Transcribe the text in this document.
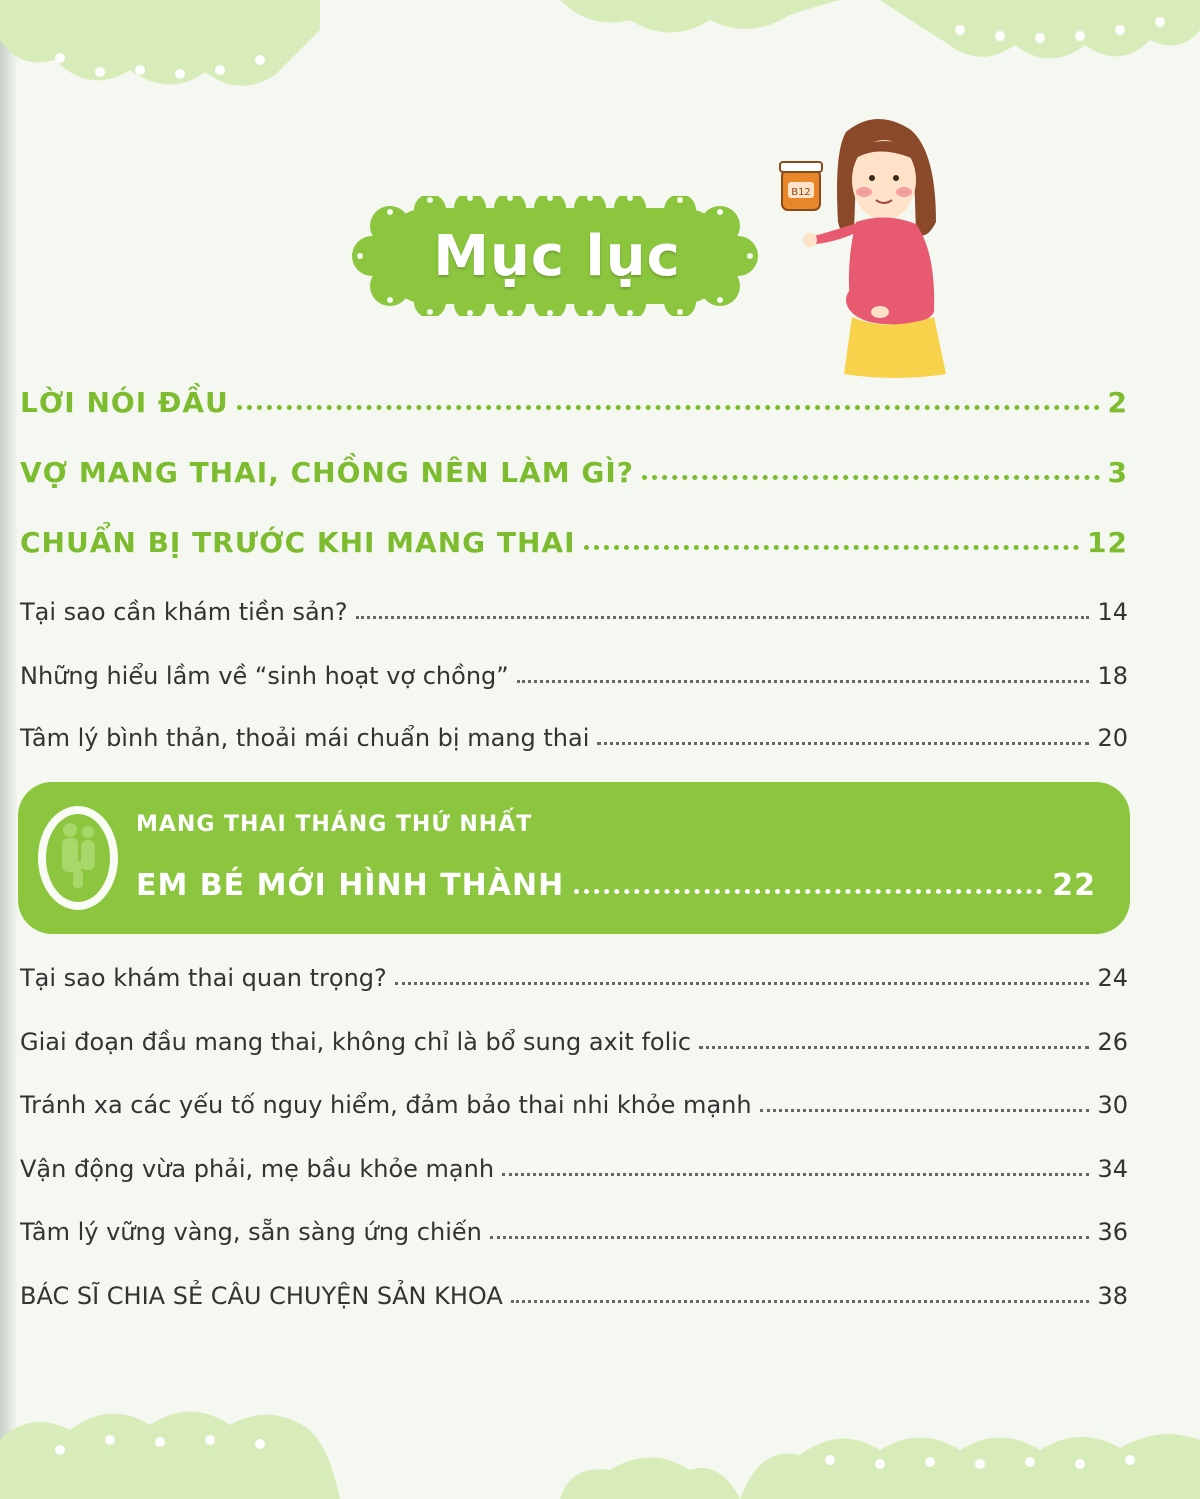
Mục lục
B12
LỜI NÓI ĐẦU	2
VỢ MANG THAI, CHỒNG NÊN LÀM GÌ?	3
CHUẨN BỊ TRƯỚC KHI MANG THAI	12
Tại sao cần khám tiền sản?	14
Những hiểu lầm về “sinh hoạt vợ chồng”	18
Tâm lý bình thản, thoải mái chuẩn bị mang thai	20
MANG THAI THÁNG THỨ NHẤT
EM BÉ MỚI HÌNH THÀNH	22
Tại sao khám thai quan trọng?	24
Giai đoạn đầu mang thai, không chỉ là bổ sung axit folic	26
Tránh xa các yếu tố nguy hiểm, đảm bảo thai nhi khỏe mạnh	30
Vận động vừa phải, mẹ bầu khỏe mạnh	34
Tâm lý vững vàng, sẵn sàng ứng chiến	36
BÁC SĨ CHIA SẺ CÂU CHUYỆN SẢN KHOA	38
